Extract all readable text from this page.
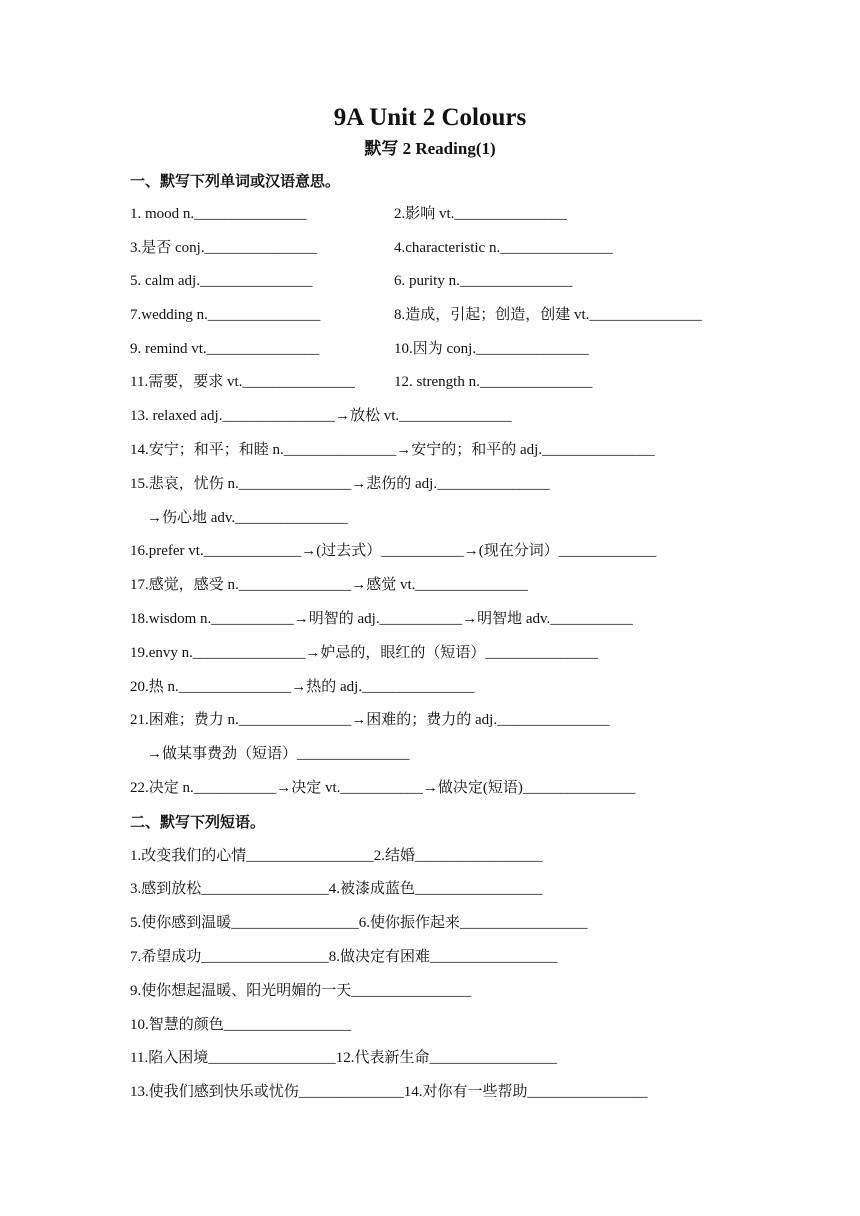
9A Unit 2 Colours
默写 2 Reading(1)
一、默写下列单词或汉语意思。
1. mood n._______________	2.影响 vt._______________
3.是否 conj._______________	4.characteristic n._______________
5. calm adj._______________	6. purity n._______________
7.wedding n._______________	8.造成，引起；创造，创建 vt._______________
9. remind vt._______________	10.因为 conj._______________
11.需要，要求 vt._______________	12. strength n._______________
13. relaxed adj._______________→放松 vt._______________
14.安宁；和平；和睦 n._______________→安宁的；和平的 adj._______________
15.悲哀，忧伤 n._______________→悲伤的 adj._______________
→伤心地 adv._______________
16.prefer vt._____________→(过去式）___________→(现在分词）_____________
17.感觉，感受 n._______________→感觉 vt._______________
18.wisdom n.___________→明智的 adj.___________→明智地 adv.___________
19.envy n._______________→妒忌的，眼红的（短语）_______________
20.热 n._______________→热的 adj._______________
21.困难；费力 n._______________→困难的；费力的 adj._______________
→做某事费劲（短语）_______________
22.决定 n.___________→决定 vt.___________→做决定(短语)_______________
二、默写下列短语。
1.改变我们的心情_________________2.结婚_________________
3.感到放松_________________4.被漆成蓝色_________________
5.使你感到温暖_________________6.使你振作起来_________________
7.希望成功_________________8.做决定有困难_________________
9.使你想起温暖、阳光明媚的一天________________
10.智慧的颜色_________________
11.陷入困境_________________12.代表新生命_________________
13.使我们感到快乐或忧伤______________14.对你有一些帮助________________
